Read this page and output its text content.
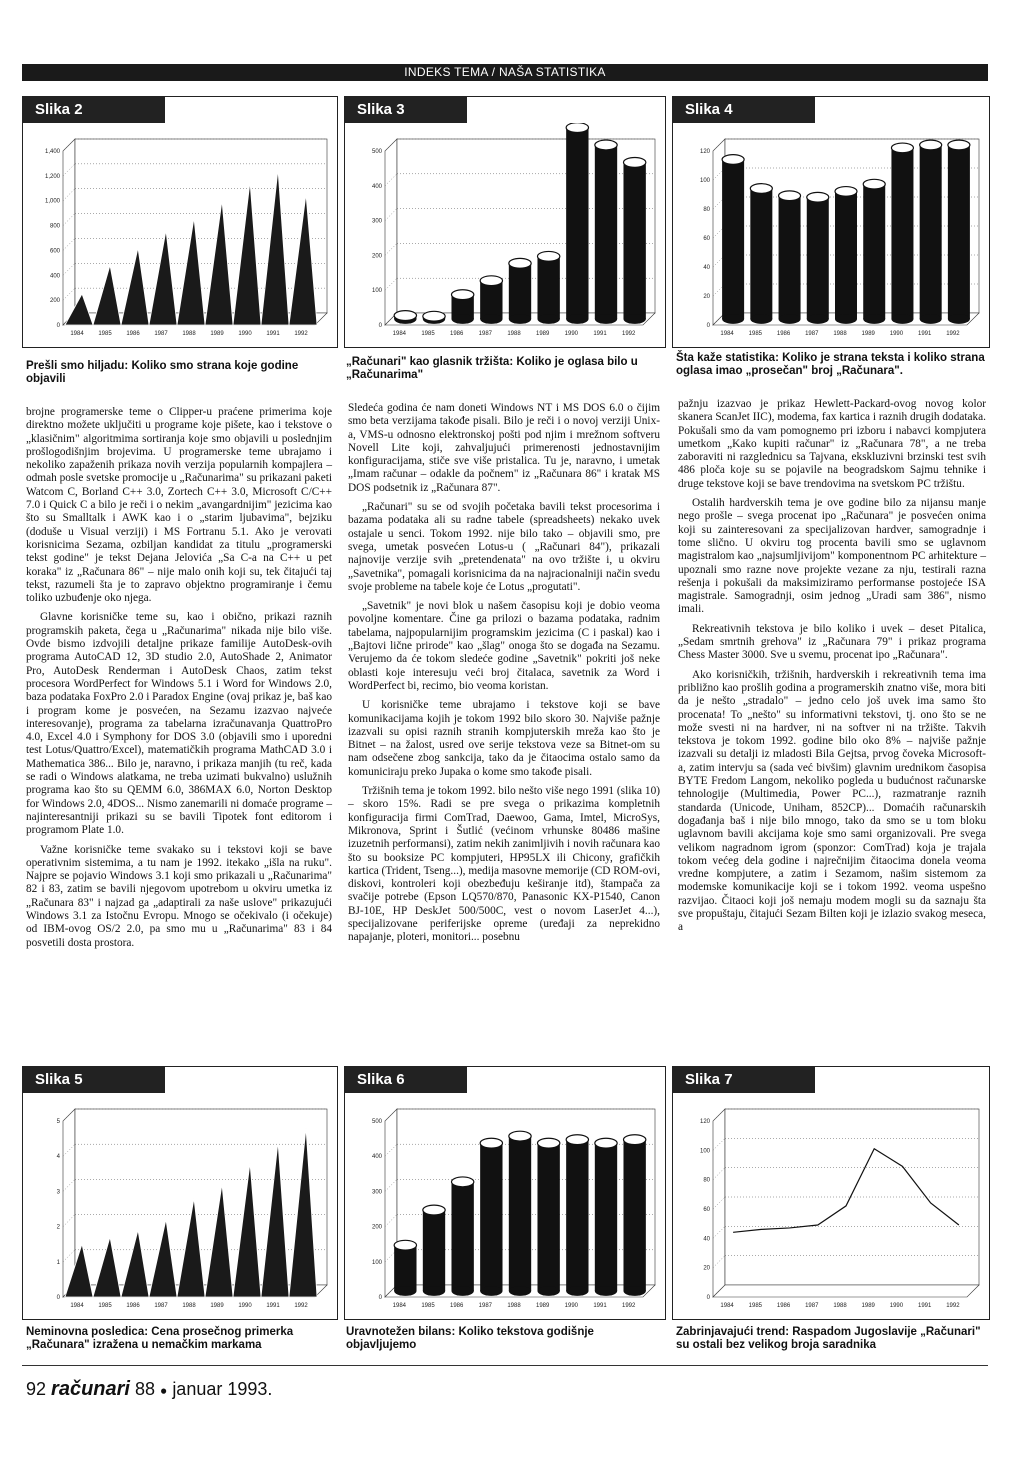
INDEKS TEMA / NAŠA STATISTIKA
Slika 2
0
200
400
600
800
1,000
1,200
1,400
1984 1985 1986 1987 1988 1989 1990 1991 1992
Slika 3
0
100
200
300
400
500
1984	1985	1986	1987	1988	1989	1990	1991	1992
Slika 4
0
20
40
60
80
100
120
1984 1985 1986 1987 1988 1989 1990 1991 1992
Prešli smo hiljadu: Koliko smo strana koje godine objavili
„Računari" kao glasnik tržišta: Koliko je oglasa bilo u „Računarima"
Šta kaže statistika: Koliko je strana teksta i koliko strana oglasa imao „prosečan" broj „Računara".

brojne programerske teme o Clipper-u praćene primerima koje direktno možete uključiti u programe koje pišete, kao i tekstove o „klasičnim" algoritmima sortiranja koje smo objavili u poslednjim prošlogodišnjim brojevima. U programerske teme ubrajamo i nekoliko zapaženih prikaza novih verzija popularnih kompajlera – odmah posle svetske promocije u „Računarima" su prikazani paketi Watcom C, Borland C++ 3.0, Zortech C++ 3.0, Microsoft C/C++ 7.0 i Quick C a bilo je reči i o nekim „avangardnijim" jezicima kao što su Smalltalk i AWK kao i o „starim ljubavima", bejziku (doduše u Visual verziji) i MS Fortranu 5.1. Ako je verovati korisnicima Sezama, ozbiljan kandidat za titulu „programerski tekst godine" je tekst Dejana Jelovića „Sa C-a na C++ u pet koraka" iz „Računara 86" – nije malo onih koji su, tek čitajući taj tekst, razumeli šta je to zapravo objektno programiranje i čemu toliko uzbuđenje oko njega.

Glavne korisničke teme su, kao i obično, prikazi raznih programskih paketa, čega u „Računarima" nikada nije bilo više. Ovde bismo izdvojili detaljne prikaze familije AutoDesk-ovih programa AutoCAD 12, 3D studio 2.0, AutoShade 2, Animator Pro, AutoDesk Renderman i AutoDesk Chaos, zatim tekst procesora WordPerfect for Windows 5.1 i Word for Windows 2.0, baza podataka FoxPro 2.0 i Paradox Engine (ovaj prikaz je, baš kao i program kome je posvećen, na Sezamu izazvao najveće interesovanje), programa za tabelarna izračunavanja QuattroPro 4.0, Excel 4.0 i Symphony for DOS 3.0 (objavili smo i uporedni test Lotus/Quattro/Excel), matematičkih programa MathCAD 3.0 i Mathematica 386... Bilo je, naravno, i prikaza manjih (tu reč, kada se radi o Windows alatkama, ne treba uzimati bukvalno) uslužnih programa kao što su QEMM 6.0, 386MAX 6.0, Norton Desktop for Windows 2.0, 4DOS... Nismo zanemarili ni domaće programe – najinteresantniji prikazi su se bavili Tipotek font editorom i programom Plate 1.0.

Važne korisničke teme svakako su i tekstovi koji se bave operativnim sistemima, a tu nam je 1992. itekako „išla na ruku". Najpre se pojavio Windows 3.1 koji smo prikazali u „Računarima" 82 i 83, zatim se bavili njegovom upotrebom u okviru umetka iz „Računara 83" i najzad ga „adaptirali za naše uslove" prikazujući Windows 3.1 za Istočnu Evropu. Mnogo se očekivalo (i očekuje) od IBM-ovog OS/2 2.0, pa smo mu u „Računarima" 83 i 84 posvetili dosta prostora.

Sledeća godina će nam doneti Windows NT i MS DOS 6.0 o čijim smo beta verzijama takođe pisali. Bilo je reči i o novoj verziji Unix-a, VMS-u odnosno elektronskoj pošti pod njim i mrežnom softveru Novell Lite koji, zahvaljujući primerenosti jednostavnijim konfiguracijama, stiče sve više pristalica. Tu je, naravno, i umetak „Imam računar – odakle da počnem" iz „Računara 86" i kratak MS DOS podsetnik iz „Računara 87".

„Računari" su se od svojih početaka bavili tekst procesorima i bazama podataka ali su radne tabele (spreadsheets) nekako uvek ostajale u senci. Tokom 1992. nije bilo tako – objavili smo, pre svega, umetak posvećen Lotus-u ( „Računari 84"), prikazali najnovije verzije svih „pretendenata" na ovo tržište i, u okviru „Savetnika", pomagali korisnicima da na najracionalniji način svedu svoje probleme na tabele koje će Lotus „progutati".

„Savetnik" je novi blok u našem časopisu koji je dobio veoma povoljne komentare. Čine ga prilozi o bazama podataka, radnim tabelama, najpopularnijim programskim jezicima (C i paskal) kao i „Bajtovi lične prirode" kao „šlag" onoga što se događa na Sezamu. Verujemo da će tokom sledeće godine „Savetnik" pokriti još neke oblasti koje interesuju veći broj čitalaca, savetnik za Word i WordPerfect bi, recimo, bio veoma koristan.

U korisničke teme ubrajamo i tekstove koji se bave komunikacijama kojih je tokom 1992 bilo skoro 30. Najviše pažnje izazvali su opisi raznih stranih kompjuterskih mreža kao što je Bitnet – na žalost, usred ove serije tekstova veze sa Bitnet-om su nam odsečene zbog sankcija, tako da je čitaocima ostalo samo da komuniciraju preko Jupaka o kome smo takođe pisali.

Tržišnih tema je tokom 1992. bilo nešto više nego 1991 (slika 10) – skoro 15%. Radi se pre svega o prikazima kompletnih konfiguracija firmi ComTrad, Daewoo, Gama, Imtel, MicroSys, Mikronova, Sprint i Šutlić (većinom vrhunske 80486 mašine izuzetnih performansi), zatim nekih zanimljivih i novih računara kao što su booksize PC kompjuteri, HP95LX ili Chicony, grafičkih kartica (Trident, Tseng...), medija masovne memorije (CD ROM-ovi, diskovi, kontroleri koji obezbeđuju keširanje itd), štampača za svačije potrebe (Epson LQ570/870, Panasonic KX-P1540, Canon BJ-10E, HP DeskJet 500/500C, vest o novom LaserJet 4...), specijalizovane periferijske opreme (uređaji za neprekidno napajanje, ploteri, monitori... posebnu

pažnju izazvao je prikaz Hewlett-Packard-ovog novog kolor skanera ScanJet IIC), modema, fax kartica i raznih drugih dodataka. Pokušali smo da vam pomognemo pri izboru i nabavci kompjutera umetkom „Kako kupiti računar" iz „Računara 78", a ne treba zaboraviti ni razglednicu sa Tajvana, ekskluzivni brzinski test svih 486 ploča koje su se pojavile na beogradskom Sajmu tehnike i druge tekstove koji se bave trendovima na svetskom PC tržištu.

Ostalih hardverskih tema je ove godine bilo za nijansu manje nego prošle – svega procenat ipo „Računara" je posvećen onima koji su zainteresovani za specijalizovan hardver, samogradnje i tome slično. U okviru tog procenta bavili smo se uglavnom magistralom kao „najsumljivijom" komponentnom PC arhitekture – upoznali smo razne nove projekte vezane za nju, testirali razna rešenja i pokušali da maksimiziramo performanse postojeće ISA magistrale. Samogradnji, osim jednog „Uradi sam 386", nismo imali.

Rekreativnih tekstova je bilo koliko i uvek – deset Pitalica, „Sedam smrtnih grehova" iz „Računara 79" i prikaz programa Chess Master 3000. Sve u svemu, procenat ipo „Računara".

Ako korisničkih, tržišnih, hardverskih i rekreativnih tema ima približno kao prošlih godina a programerskih znatno više, mora biti da je nešto „stradalo" – jedno celo još uvek ima samo što procenata! To „nešto" su informativni tekstovi, tj. ono što se ne može svesti ni na hardver, ni na softver ni na tržište. Takvih tekstova je tokom 1992. godine bilo oko 8% – najviše pažnje izazvali su detalji iz mladosti Bila Gejtsa, prvog čoveka Microsoft-a, zatim intervju sa (sada već bivšim) glavnim urednikom časopisa BYTE Fredom Langom, nekoliko pogleda u budućnost računarske tehnologije (Multimedia, Power PC...), razmatranje raznih standarda (Unicode, Uniham, 852CP)... Domaćih računarskih događanja baš i nije bilo mnogo, tako da smo se u tom bloku uglavnom bavili akcijama koje smo sami organizovali. Pre svega velikom nagradnom igrom (sponzor: ComTrad) koja je trajala tokom većeg dela godine i najrečnijim čitaocima donela veoma vredne kompjutere, a zatim i Sezamom, našim sistemom za modemske komunikacije koji se i tokom 1992. veoma uspešno razvijao. Čitaoci koji još nemaju modem mogli su da saznaju šta sve propuštaju, čitajući Sezam Bilten koji je izlazio svakog meseca, a

Slika 5
0
1
2
3
4
5
1984 1985 1986 1987 1988 1989 1990 1991 1992
Slika 6
0
100
200
300
400
500
1984	1985	1986	1987	1988	1989	1990	1991	1992
Slika 7
0
20
40
60
80
100
120
1984 1985 1986 1987 1988 1989 1990 1991 1992
Neminovna posledica: Cena prosečnog primerka „Računara" izražena u nemačkim markama
Uravnotežen bilans: Koliko tekstova godišnje objavljujemo
Zabrinjavajući trend: Raspadom Jugoslavije „Računari" su ostali bez velikog broja saradnika
92 računari 88 ● januar 1993.
